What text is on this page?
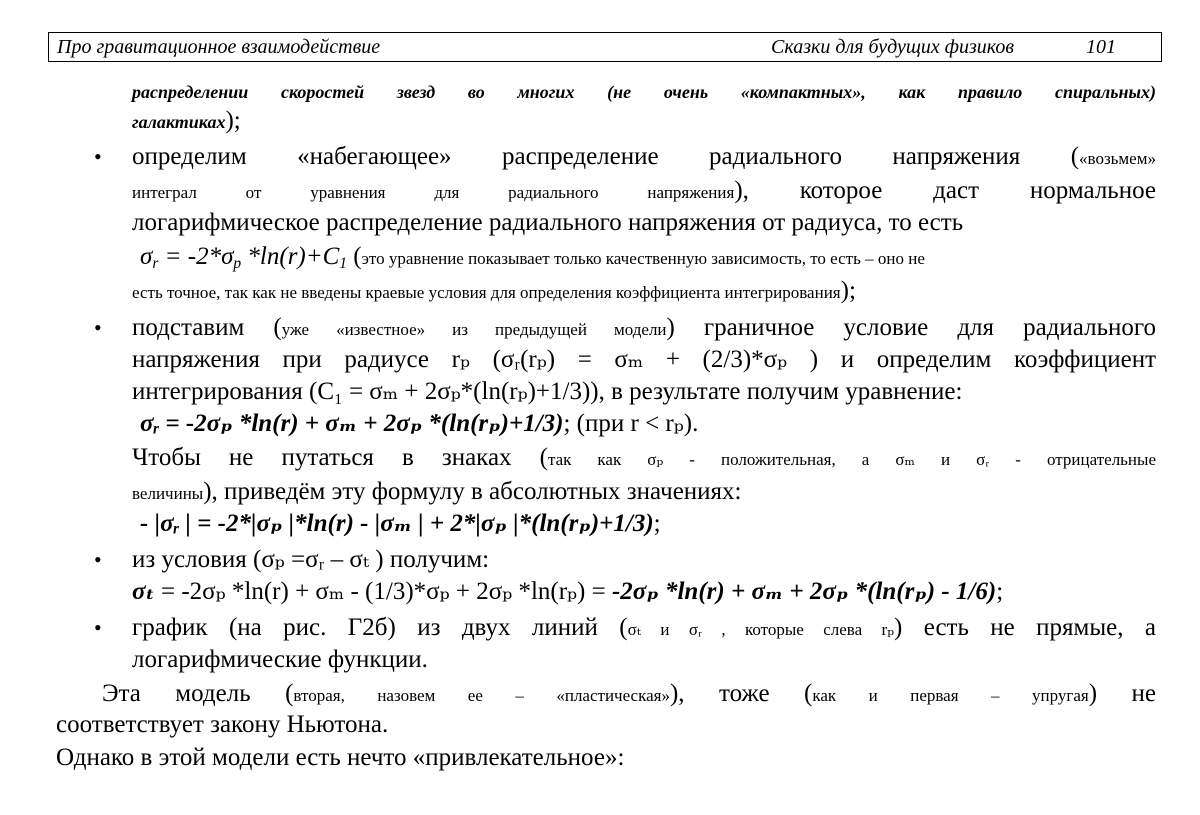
Про гравитационное взаимодействие	Сказки для будущих физиков	101
распределении скоростей звезд во многих (не очень «компактных», как правило спиральных)
галактиках);
• определим «набегающее» распределение радиального напряжения («возьмем»
интеграл от уравнения для радиального напряжения), которое даст нормальное
логарифмическое распределение радиального напряжения от радиуса, то есть
$\sigma_r = -2*\sigma_p$ $*\ln(r)+C_1$ (это уравнение показывает только качественную зависимость, то есть – оно не
есть точное, так как не введены краевые условия для определения коэффициента интегрирования);
• подставим (уже «известное» из предыдущей модели) граничное условие для радиального
напряжения при радиусе rₚ (σᵣ(rₚ) = σₘ + (2/3)*σₚ ) и определим коэффициент
интегрирования (C₁ = σₘ + 2σₚ*(ln(rₚ)+1/3)), в результате получим уравнение:
σᵣ = -2σₚ *ln(r) + σₘ + 2σₚ *(ln(rₚ)+1/3); (при r < rₚ).
Чтобы не путаться в знаках (так как σₚ - положительная, а σₘ и σᵣ - отрицательные
величины), приведём эту формулу в абсолютных значениях:
- |σᵣ | = -2*|σₚ |*ln(r) - |σₘ | + 2*|σₚ |*(ln(rₚ)+1/3);
• из условия (σₚ =σᵣ – σₜ ) получим:
σₜ = -2σₚ *ln(r) + σₘ - (1/3)*σₚ + 2σₚ *ln(rₚ) = -2σₚ *ln(r) + σₘ + 2σₚ *(ln(rₚ) - 1/6);
• график (на рис. Г2б) из двух линий (σₜ и σᵣ , которые слева rₚ) есть не прямые, а
логарифмические функции.
Эта модель (вторая, назовем ее – «пластическая»), тоже (как и первая – упругая) не
соответствует закону Ньютона.
Однако в этой модели есть нечто «привлекательное»:
